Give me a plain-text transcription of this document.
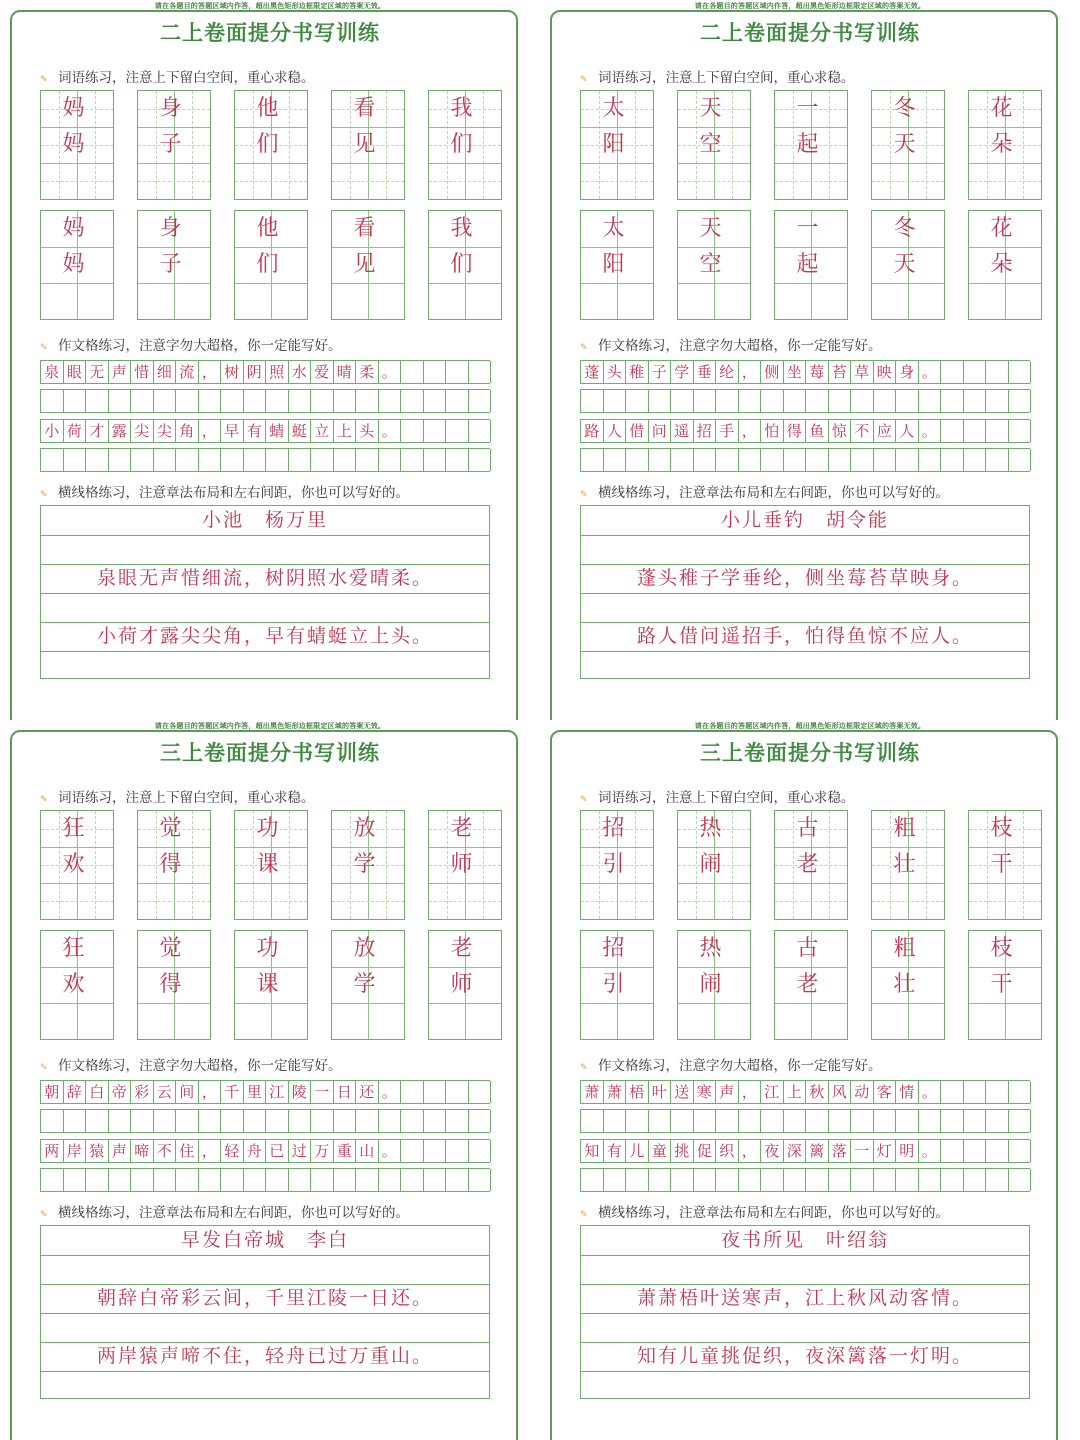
请在各题目的答题区域内作答，超出黑色矩形边框限定区域的答案无效。
二上卷面提分书写训练
✎ 词语练习，注意上下留白空间，重心求稳。
妈妈
身子
他们
看见
我们
妈妈
身子
他们
看见
我们
✎ 作文格练习，注意字勿大超格，你一定能写好。
泉 眼 无 声 惜 细 流 ， 树 阴 照 水 爱 晴 柔 。
小 荷 才 露 尖 尖 角 ， 早 有 蜻 蜓 立 上 头 。
✎ 横线格练习，注意章法布局和左右间距，你也可以写好的。
小池　杨万里
泉眼无声惜细流，树阴照水爱晴柔。
小荷才露尖尖角，早有蜻蜓立上头。
请在各题目的答题区域内作答，超出黑色矩形边框限定区域的答案无效。
二上卷面提分书写训练
✎ 词语练习，注意上下留白空间，重心求稳。
太阳
天空
一起
冬天
花朵
太阳
天空
一起
冬天
花朵
✎ 作文格练习，注意字勿大超格，你一定能写好。
蓬 头 稚 子 学 垂 纶 ， 侧 坐 莓 苔 草 映 身 。
路 人 借 问 遥 招 手 ， 怕 得 鱼 惊 不 应 人 。
✎ 横线格练习，注意章法布局和左右间距，你也可以写好的。
小儿垂钓　胡令能
蓬头稚子学垂纶，侧坐莓苔草映身。
路人借问遥招手，怕得鱼惊不应人。
请在各题目的答题区域内作答，超出黑色矩形边框限定区域的答案无效。
三上卷面提分书写训练
✎ 词语练习，注意上下留白空间，重心求稳。
狂欢
觉得
功课
放学
老师
狂欢
觉得
功课
放学
老师
✎ 作文格练习，注意字勿大超格，你一定能写好。
朝 辞 白 帝 彩 云 间 ， 千 里 江 陵 一 日 还 。
两 岸 猿 声 啼 不 住 ， 轻 舟 已 过 万 重 山 。
✎ 横线格练习，注意章法布局和左右间距，你也可以写好的。
早发白帝城　李白
朝辞白帝彩云间，千里江陵一日还。
两岸猿声啼不住，轻舟已过万重山。
请在各题目的答题区域内作答，超出黑色矩形边框限定区域的答案无效。
三上卷面提分书写训练
✎ 词语练习，注意上下留白空间，重心求稳。
招引
热闹
古老
粗壮
枝干
招引
热闹
古老
粗壮
枝干
✎ 作文格练习，注意字勿大超格，你一定能写好。
萧 萧 梧 叶 送 寒 声 ， 江 上 秋 风 动 客 情 。
知 有 儿 童 挑 促 织 ， 夜 深 篱 落 一 灯 明 。
✎ 横线格练习，注意章法布局和左右间距，你也可以写好的。
夜书所见　叶绍翁
萧萧梧叶送寒声，江上秋风动客情。
知有儿童挑促织，夜深篱落一灯明。
